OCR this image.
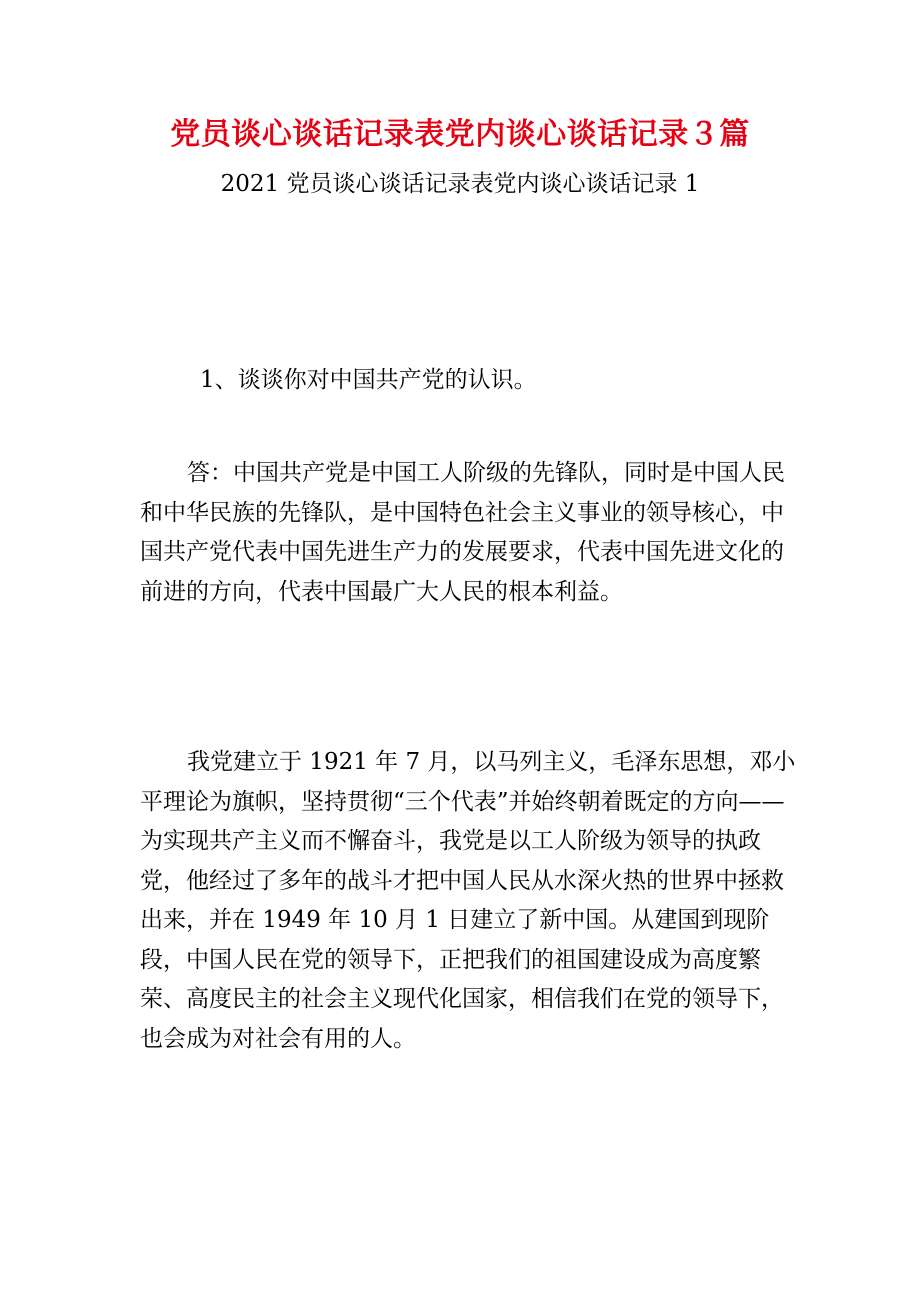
党员谈心谈话记录表党内谈心谈话记录３篇
2021 党员谈心谈话记录表党内谈心谈话记录 1
1、谈谈你对中国共产党的认识。

答：中国共产党是中国工人阶级的先锋队，同时是中国人民和中华民族的先锋队，是中国特色社会主义事业的领导核心，中国共产党代表中国先进生产力的发展要求，代表中国先进文化的前进的方向，代表中国最广大人民的根本利益。

我党建立于 1921 年 7 月，以马列主义，毛泽东思想，邓小平理论为旗帜，坚持贯彻“三个代表”并始终朝着既定的方向——为实现共产主义而不懈奋斗，我党是以工人阶级为领导的执政党，他经过了多年的战斗才把中国人民从水深火热的世界中拯救出来，并在 1949 年 10 月 1 日建立了新中国。从建国到现阶段，中国人民在党的领导下，正把我们的祖国建设成为高度繁荣、高度民主的社会主义现代化国家，相信我们在党的领导下，也会成为对社会有用的人。
